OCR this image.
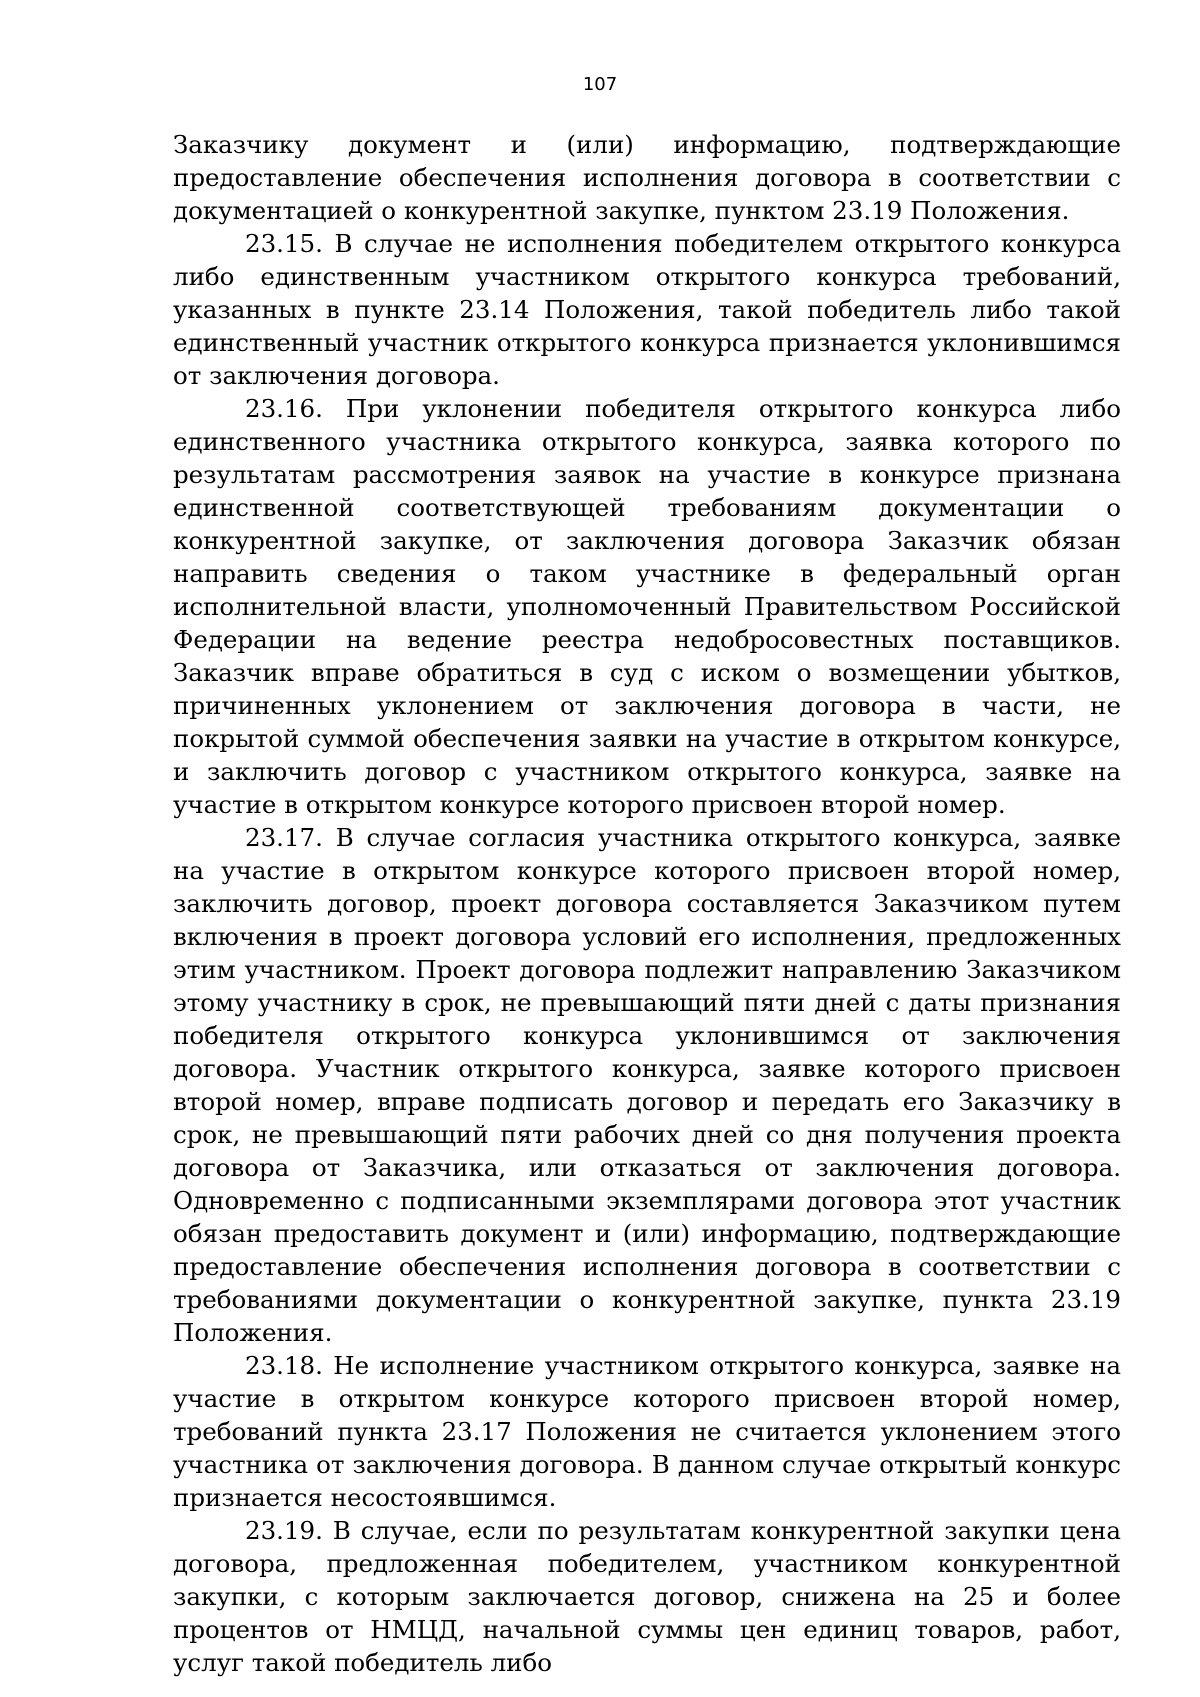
107

Заказчику документ и (или) информацию, подтверждающие предоставление обеспечения исполнения договора в соответствии с документацией о конкурентной закупке, пунктом 23.19 Положения.

23.15. В случае не исполнения победителем открытого конкурса либо единственным участником открытого конкурса требований, указанных в пункте 23.14 Положения, такой победитель либо такой единственный участник открытого конкурса признается уклонившимся от заключения договора.

23.16. При уклонении победителя открытого конкурса либо единственного участника открытого конкурса, заявка которого по результатам рассмотрения заявок на участие в конкурсе признана единственной соответствующей требованиям документации о конкурентной закупке, от заключения договора Заказчик обязан направить сведения о таком участнике в федеральный орган исполнительной власти, уполномоченный Правительством Российской Федерации на ведение реестра недобросовестных поставщиков. Заказчик вправе обратиться в суд с иском о возмещении убытков, причиненных уклонением от заключения договора в части, не покрытой суммой обеспечения заявки на участие в открытом конкурсе, и заключить договор с участником открытого конкурса, заявке на участие в открытом конкурсе которого присвоен второй номер.

23.17. В случае согласия участника открытого конкурса, заявке на участие в открытом конкурсе которого присвоен второй номер, заключить договор, проект договора составляется Заказчиком путем включения в проект договора условий его исполнения, предложенных этим участником. Проект договора подлежит направлению Заказчиком этому участнику в срок, не превышающий пяти дней с даты признания победителя открытого конкурса уклонившимся от заключения договора. Участник открытого конкурса, заявке которого присвоен второй номер, вправе подписать договор и передать его Заказчику в срок, не превышающий пяти рабочих дней со дня получения проекта договора от Заказчика, или отказаться от заключения договора. Одновременно с подписанными экземплярами договора этот участник обязан предоставить документ и (или) информацию, подтверждающие предоставление обеспечения исполнения договора в соответствии с требованиями документации о конкурентной закупке, пункта 23.19 Положения.

23.18. Не исполнение участником открытого конкурса, заявке на участие в открытом конкурсе которого присвоен второй номер, требований пункта 23.17 Положения не считается уклонением этого участника от заключения договора. В данном случае открытый конкурс признается несостоявшимся.

23.19. В случае, если по результатам конкурентной закупки цена договора, предложенная победителем, участником конкурентной закупки, с которым заключается договор, снижена на 25 и более процентов от НМЦД, начальной суммы цен единиц товаров, работ, услуг такой победитель либо
